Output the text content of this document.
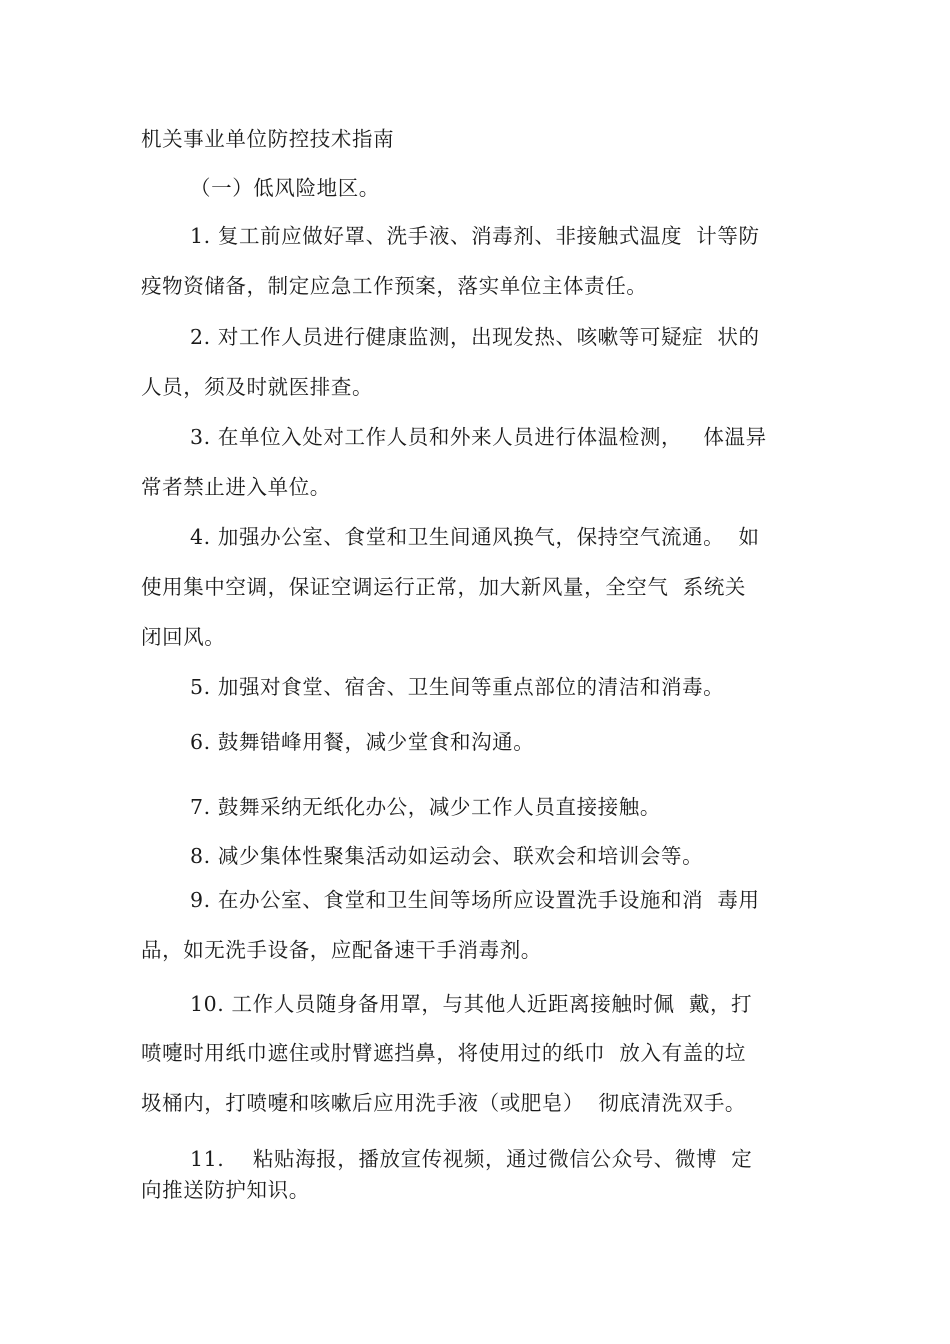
机关事业单位防控技术指南
（一）低风险地区。
1. 复工前应做好罩、洗手液、消毒剂、非接触式温度  计等防
疫物资储备，制定应急工作预案，落实单位主体责任。
2. 对工作人员进行健康监测，出现发热、咳嗽等可疑症  状的
人员，须及时就医排查。
3. 在单位入处对工作人员和外来人员进行体温检测，   体温异
常者禁止进入单位。
4. 加强办公室、食堂和卫生间通风换气，保持空气流通。  如
使用集中空调，保证空调运行正常，加大新风量，全空气  系统关
闭回风。
5. 加强对食堂、宿舍、卫生间等重点部位的清洁和消毒。
6. 鼓舞错峰用餐，减少堂食和沟通。
7. 鼓舞采纳无纸化办公，减少工作人员直接接触。
8. 减少集体性聚集活动如运动会、联欢会和培训会等。
9. 在办公室、食堂和卫生间等场所应设置洗手设施和消  毒用
品，如无洗手设备，应配备速干手消毒剂。
10. 工作人员随身备用罩，与其他人近距离接触时佩  戴，打
喷嚏时用纸巾遮住或肘臂遮挡鼻，将使用过的纸巾  放入有盖的垃
圾桶内，打喷嚏和咳嗽后应用洗手液（或肥皂）  彻底清洗双手。
11.    粘贴海报，播放宣传视频，通过微信公众号、微博  定
向推送防护知识。
